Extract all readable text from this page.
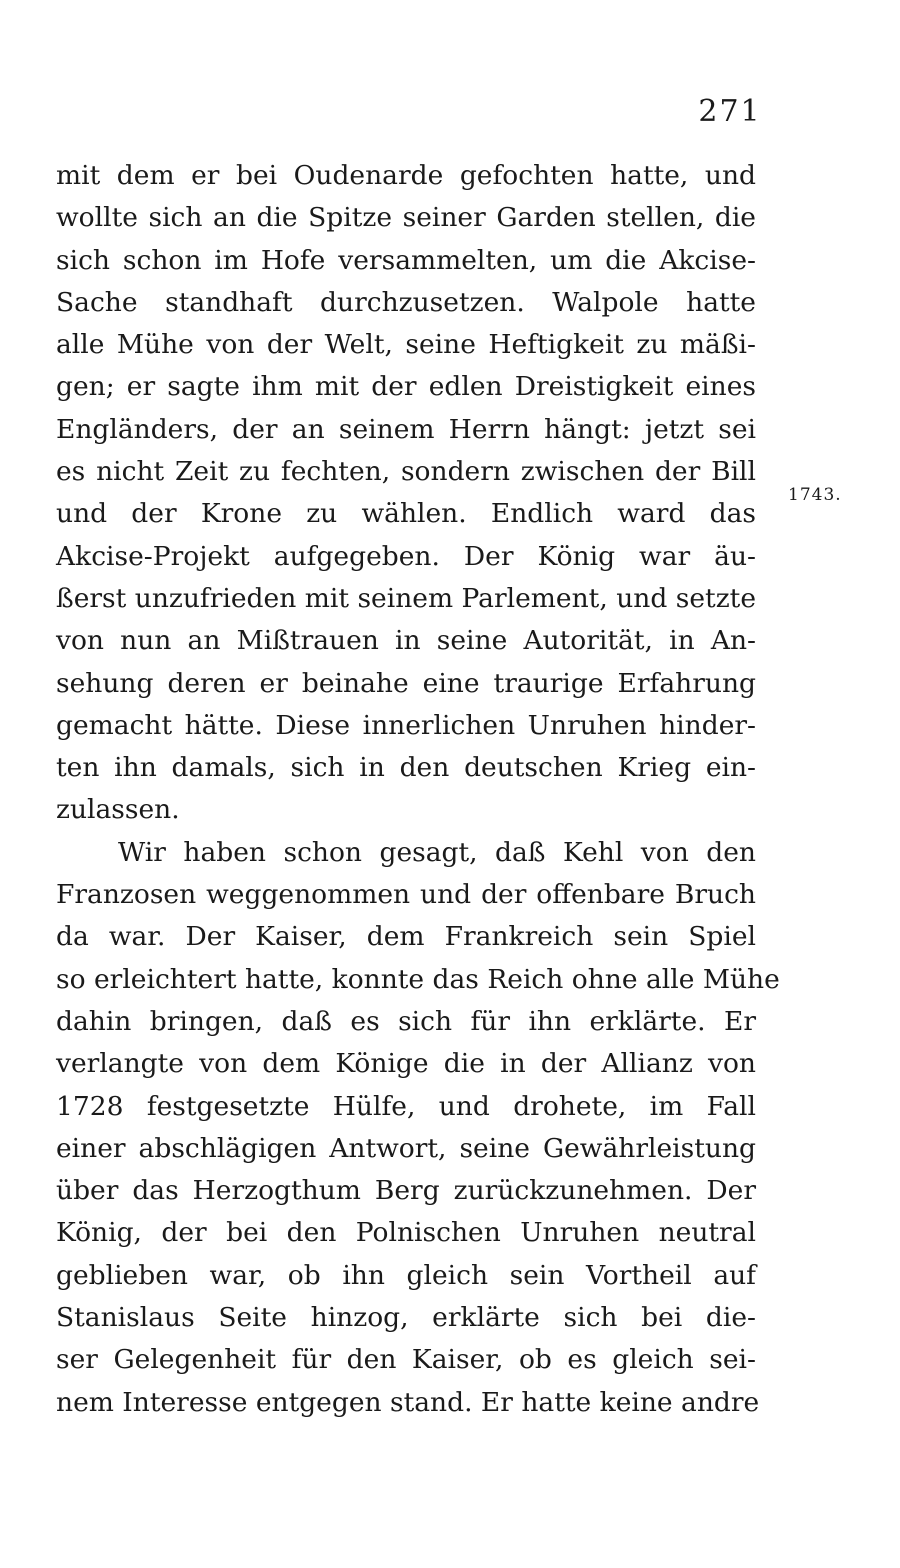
271
1743.
mit dem er bei Oudenarde gefochten hatte, und
wollte sich an die Spitze seiner Garden stellen, die
sich schon im Hofe versammelten, um die Akcise-
Sache standhaft durchzusetzen. Walpole hatte
alle Mühe von der Welt, seine Heftigkeit zu mäßi-
gen; er sagte ihm mit der edlen Dreistigkeit eines
Engländers, der an seinem Herrn hängt: jetzt sei
es nicht Zeit zu fechten, sondern zwischen der Bill
und der Krone zu wählen. Endlich ward das
Akcise-Projekt aufgegeben. Der König war äu-
ßerst unzufrieden mit seinem Parlement, und setzte
von nun an Mißtrauen in seine Autorität, in An-
sehung deren er beinahe eine traurige Erfahrung
gemacht hätte. Diese innerlichen Unruhen hinder-
ten ihn damals, sich in den deutschen Krieg ein-
zulassen.
Wir haben schon gesagt, daß Kehl von den
Franzosen weggenommen und der offenbare Bruch
da war. Der Kaiser, dem Frankreich sein Spiel
so erleichtert hatte, konnte das Reich ohne alle Mühe
dahin bringen, daß es sich für ihn erklärte. Er
verlangte von dem Könige die in der Allianz von
1728 festgesetzte Hülfe, und drohete, im Fall
einer abschlägigen Antwort, seine Gewährleistung
über das Herzogthum Berg zurückzunehmen. Der
König, der bei den Polnischen Unruhen neutral
geblieben war, ob ihn gleich sein Vortheil auf
Stanislaus Seite hinzog, erklärte sich bei die-
ser Gelegenheit für den Kaiser, ob es gleich sei-
nem Interesse entgegen stand. Er hatte keine andre
